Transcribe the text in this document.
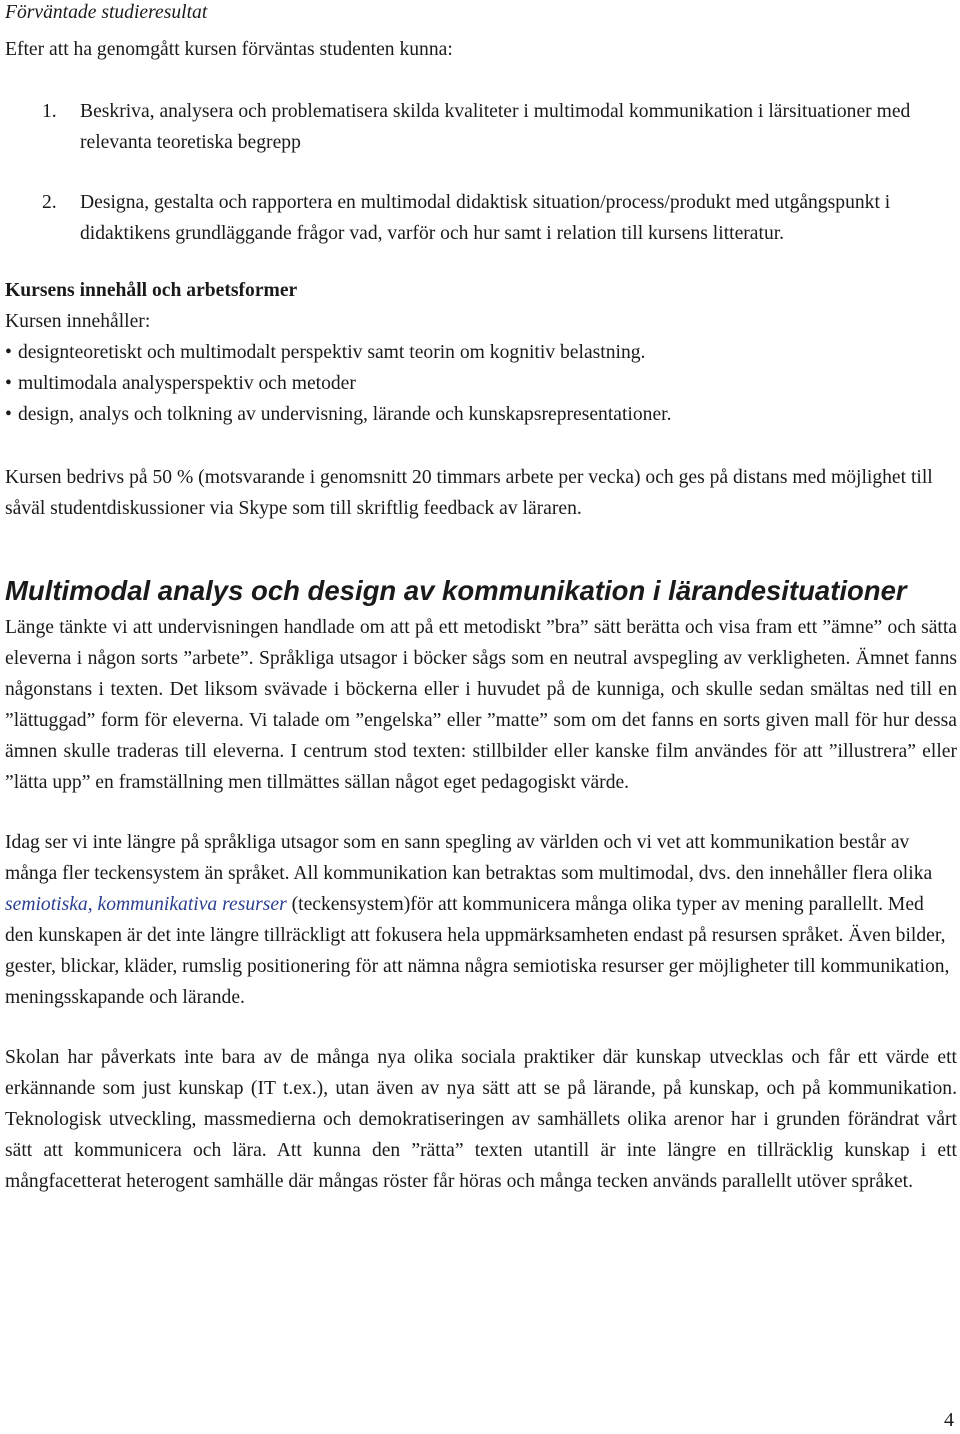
Förväntade studieresultat

Efter att ha genomgått kursen förväntas studenten kunna:

1. Beskriva, analysera och problematisera skilda kvaliteter i multimodal kommunikation i lärsituationer med relevanta teoretiska begrepp
2. Designa, gestalta och rapportera en multimodal didaktisk situation/process/produkt med utgångspunkt i didaktikens grundläggande frågor vad, varför och hur samt i relation till kursens litteratur.

Kursens innehåll och arbetsformer

Kursen innehåller:

• designteoretiskt och multimodalt perspektiv samt teorin om kognitiv belastning.
• multimodala analysperspektiv och metoder
• design, analys och tolkning av undervisning, lärande och kunskapsrepresentationer.

Kursen bedrivs på 50 % (motsvarande i genomsnitt 20 timmars arbete per vecka) och ges på distans med möjlighet till såväl studentdiskussioner via Skype som till skriftlig feedback av läraren.

Multimodal analys och design av kommunikation i lärandesituationer

Länge tänkte vi att undervisningen handlade om att på ett metodiskt ”bra” sätt berätta och visa fram ett ”ämne” och sätta eleverna i någon sorts ”arbete”. Språkliga utsagor i böcker sågs som en neutral avspegling av verkligheten. Ämnet fanns någonstans i texten. Det liksom svävade i böckerna eller i huvudet på de kunniga, och skulle sedan smältas ned till en ”lättuggad” form för eleverna. Vi talade om ”engelska” eller ”matte” som om det fanns en sorts given mall för hur dessa ämnen skulle traderas till eleverna. I centrum stod texten: stillbilder eller kanske film användes för att ”illustrera” eller ”lätta upp” en framställning men tillmättes sällan något eget pedagogiskt värde.

Idag ser vi inte längre på språkliga utsagor som en sann spegling av världen och vi vet att kommunikation består av många fler teckensystem än språket. All kommunikation kan betraktas som multimodal, dvs. den innehåller flera olika semiotiska, kommunikativa resurser (teckensystem)för att kommunicera många olika typer av mening parallellt. Med den kunskapen är det inte längre tillräckligt att fokusera hela uppmärksamheten endast på resursen språket. Även bilder, gester, blickar, kläder, rumslig positionering för att nämna några semiotiska resurser ger möjligheter till kommunikation, meningsskapande och lärande.

Skolan har påverkats inte bara av de många nya olika sociala praktiker där kunskap utvecklas och får ett värde ett erkännande som just kunskap (IT t.ex.), utan även av nya sätt att se på lärande, på kunskap, och på kommunikation. Teknologisk utveckling, massmedierna och demokratiseringen av samhällets olika arenor har i grunden förändrat vårt sätt att kommunicera och lära. Att kunna den ”rätta” texten utantill är inte längre en tillräcklig kunskap i ett mångfacetterat heterogent samhälle där mångas röster får höras och många tecken används parallellt utöver språket.

4
